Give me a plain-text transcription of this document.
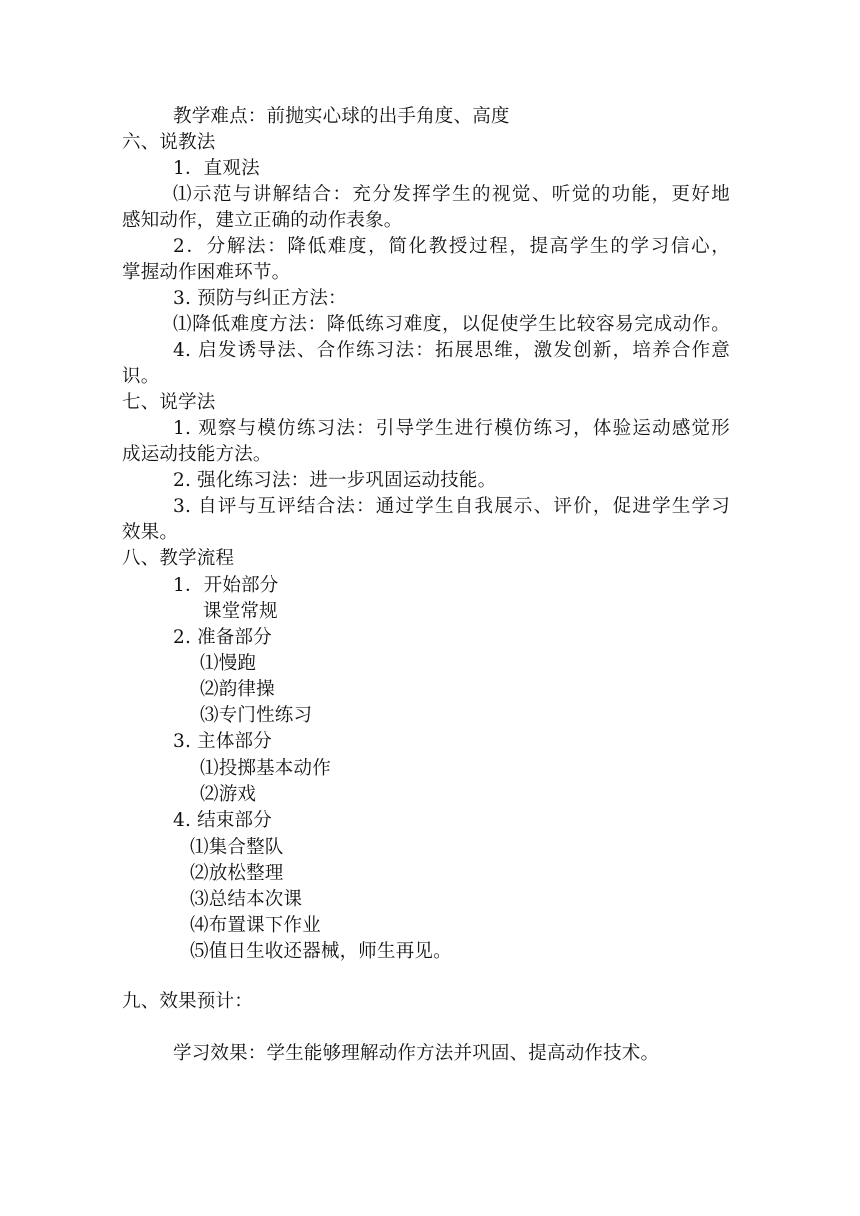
教学难点：前抛实心球的出手角度、高度
六、说教法
1．直观法
⑴示范与讲解结合：充分发挥学生的视觉、听觉的功能，更好地
感知动作，建立正确的动作表象。
2．分解法：降低难度，简化教授过程，提高学生的学习信心，
掌握动作困难环节。
3. 预防与纠正方法：
⑴降低难度方法：降低练习难度，以促使学生比较容易完成动作。
4. 启发诱导法、合作练习法：拓展思维，激发创新，培养合作意
识。
七、说学法
1. 观察与模仿练习法：引导学生进行模仿练习，体验运动感觉形
成运动技能方法。
2. 强化练习法：进一步巩固运动技能。
3. 自评与互评结合法：通过学生自我展示、评价，促进学生学习
效果。
八、教学流程
1．开始部分
课堂常规
2. 准备部分
⑴慢跑
⑵韵律操
⑶专门性练习
3. 主体部分
⑴投掷基本动作
⑵游戏
4. 结束部分
⑴集合整队
⑵放松整理
⑶总结本次课
⑷布置课下作业
⑸值日生收还器械，师生再见。
九、效果预计：
学习效果：学生能够理解动作方法并巩固、提高动作技术。
